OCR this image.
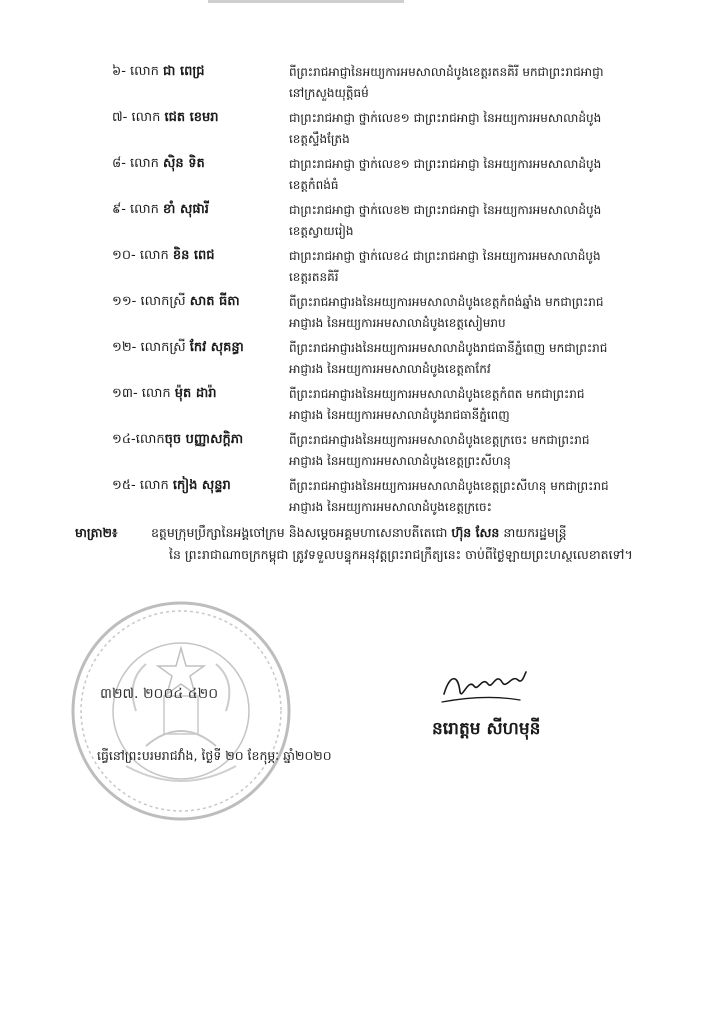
៦- លោក ជា ពេជ្រ	ពីព្រះរាជអាជ្ញានៃអយ្យការអមសាលាដំបូងខេត្តរតនគិរី មកជាព្រះរាជអាជ្ញា
នៅក្រសួងយុត្តិធម៌
៧- លោក ជេត ខេមរា	ជាព្រះរាជអាជ្ញា ថ្នាក់លេខ១ ជាព្រះរាជអាជ្ញា នៃអយ្យការអមសាលាដំបូង
ខេត្តស្ទឹងត្រែង
៨- លោក ស៊ិន ទិត	ជាព្រះរាជអាជ្ញា ថ្នាក់លេខ១ ជាព្រះរាជអាជ្ញា នៃអយ្យការអមសាលាដំបូង
ខេត្តកំពង់ធំ
៩- លោក ខាំ សុផារី	ជាព្រះរាជអាជ្ញា ថ្នាក់លេខ២ ជាព្រះរាជអាជ្ញា នៃអយ្យការអមសាលាដំបូង
ខេត្តស្វាយរៀង
១០- លោក ខិន ពេជ	ជាព្រះរាជអាជ្ញា ថ្នាក់លេខ៤ ជាព្រះរាជអាជ្ញា នៃអយ្យការអមសាលាដំបូង
ខេត្តរតនគិរី
១១- លោកស្រី សាត ធីតា	ពីព្រះរាជអាជ្ញារងនៃអយ្យការអមសាលាដំបូងខេត្តកំពង់ឆ្នាំង មកជាព្រះរាជ
អាជ្ញារង នៃអយ្យការអមសាលាដំបូងខេត្តសៀមរាប
១២- លោកស្រី កែវ សុគន្ធា	ពីព្រះរាជអាជ្ញារងនៃអយ្យការអមសាលាដំបូងរាជធានីភ្នំពេញ មកជាព្រះរាជ
អាជ្ញារង នៃអយ្យការអមសាលាដំបូងខេត្តតាកែវ
១៣- លោក ម៉ុត ដារ៉ា	ពីព្រះរាជអាជ្ញារងនៃអយ្យការអមសាលាដំបូងខេត្តកំពត មកជាព្រះរាជ
អាជ្ញារង នៃអយ្យការអមសាលាដំបូងរាជធានីភ្នំពេញ
១៤-លោកចុច បញ្ញាសក្តិភា	ពីព្រះរាជអាជ្ញារងនៃអយ្យការអមសាលាដំបូងខេត្តក្រចេះ មកជាព្រះរាជ
អាជ្ញារង នៃអយ្យការអមសាលាដំបូងខេត្តព្រះសីហនុ
១៥- លោក កៀង សុន្ទរា	ពីព្រះរាជអាជ្ញារងនៃអយ្យការអមសាលាដំបូងខេត្តព្រះសីហនុ មកជាព្រះរាជ
អាជ្ញារង នៃអយ្យការអមសាលាដំបូងខេត្តក្រចេះ
មាត្រា២៖	ឧត្តមក្រុមប្រឹក្សានៃអង្គចៅក្រម និងសម្តេចអគ្គមហាសេនាបតីតេជោ ហ៊ុន សែន នាយករដ្ឋមន្ត្រី
នៃ ព្រះរាជាណាចក្រកម្ពុជា ត្រូវទទួលបន្ទុកអនុវត្តព្រះរាជក្រឹត្យនេះ ចាប់ពីថ្ងៃឡាយព្រះហស្ថលេខាតទៅ។
៣២៧. ២០០៤ ៤២០
ធ្វើនៅព្រះបរមរាជវាំង, ថ្ងៃទី ២០ ខែកុម្ភៈ ឆ្នាំ២០២០
នរោត្តម សីហមុនី
